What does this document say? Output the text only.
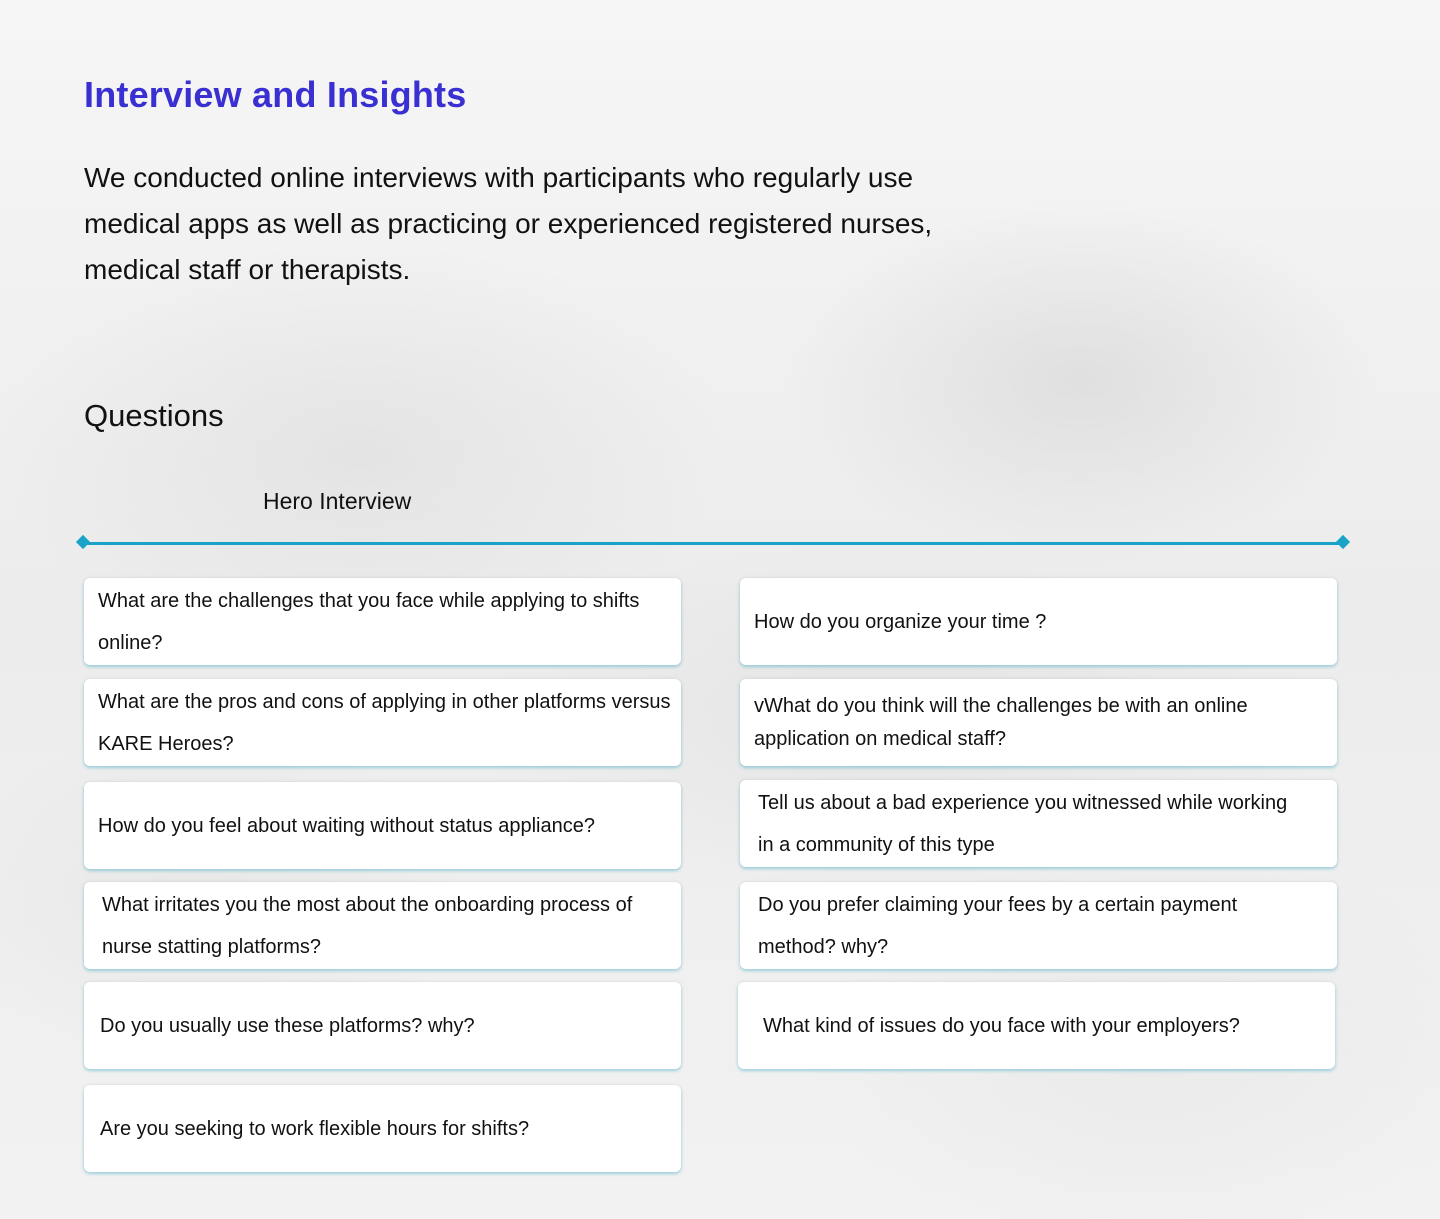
Interview and Insights

We conducted online interviews with participants who regularly use medical apps as well as practicing or experienced registered nurses, medical staff or therapists.

Questions
Hero Interview
What are the challenges that you face while applying to shifts online?
What are the pros and cons of applying in other platforms versus KARE Heroes?
How do you feel about waiting without status appliance?
What irritates you the most about the onboarding process of nurse statting platforms?
Do you usually use these platforms? why?
Are you seeking to work flexible hours for shifts?
How do you organize your time ?
vWhat do you think will the challenges be with an online application on medical staff?
Tell us about a bad experience you witnessed while working in a community of this type
Do you prefer claiming your fees by a certain payment method? why?
What kind of issues do you face with your employers?
